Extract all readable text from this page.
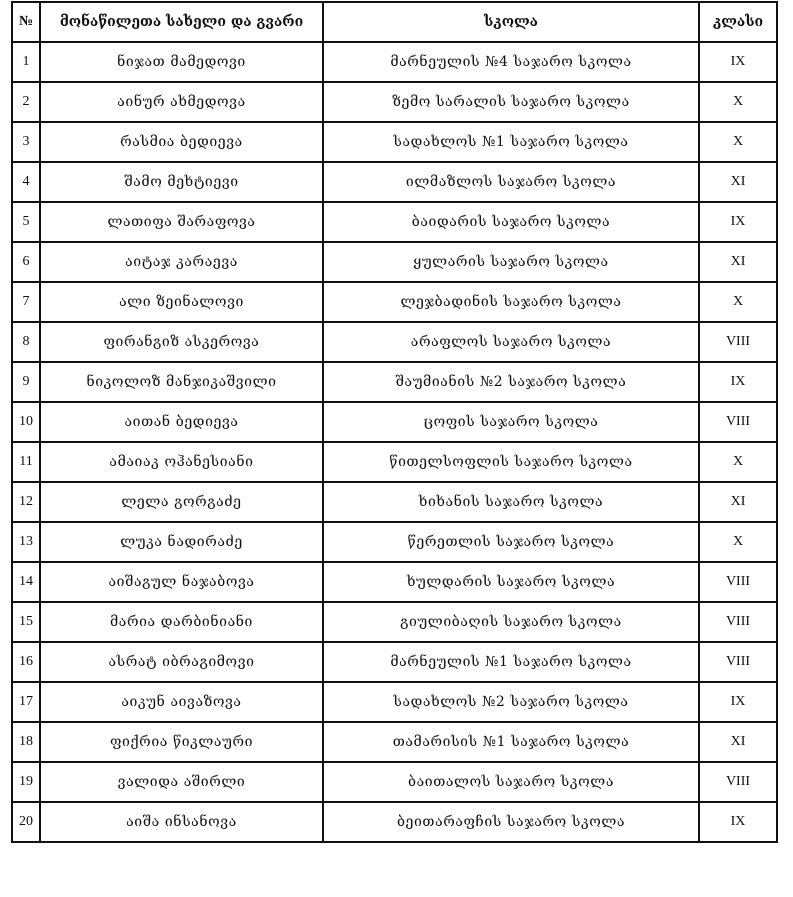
№	მონაწილეთა სახელი და გვარი	სკოლა	კლასი
1	ნიჯათ მამედოვი	მარნეულის №4 საჯარო სკოლა	IX
2	აინურ ახმედოვა	ზემო სარალის საჯარო სკოლა	X
3	რასმია ბედიევა	სადახლოს №1 საჯარო სკოლა	X
4	შამო მეხტიევი	ილმაზლოს საჯარო სკოლა	XI
5	ლათიფა შარაფოვა	ბაიდარის საჯარო სკოლა	IX
6	აიტაჯ კარაევა	ყულარის საჯარო სკოლა	XI
7	ალი ზეინალოვი	ლეჯბადინის საჯარო სკოლა	X
8	ფირანგიზ ასკეროვა	არაფლოს საჯარო სკოლა	VIII
9	ნიკოლოზ მანჯიკაშვილი	შაუმიანის №2 საჯარო სკოლა	IX
10	აითან ბედიევა	ცოფის საჯარო სკოლა	VIII
11	ამაიაკ ოჰანესიანი	წითელსოფლის საჯარო სკოლა	X
12	ლელა გორგაძე	ხიხანის საჯარო სკოლა	XI
13	ლუკა ნადირაძე	წერეთლის საჯარო სკოლა	X
14	აიშაგულ ნაჯაბოვა	ხულდარის საჯარო სკოლა	VIII
15	მარია დარბინიანი	გიულიბაღის საჯარო სკოლა	VIII
16	ასრატ იბრაგიმოვი	მარნეულის №1 საჯარო სკოლა	VIII
17	აიკუნ აივაზოვა	სადახლოს №2 საჯარო სკოლა	IX
18	ფიქრია წიკლაური	თამარისის №1 საჯარო სკოლა	XI
19	ვალიდა აშირლი	ბაითალოს საჯარო სკოლა	VIII
20	აიშა ინსანოვა	ბეითარაფჩის საჯარო სკოლა	IX
